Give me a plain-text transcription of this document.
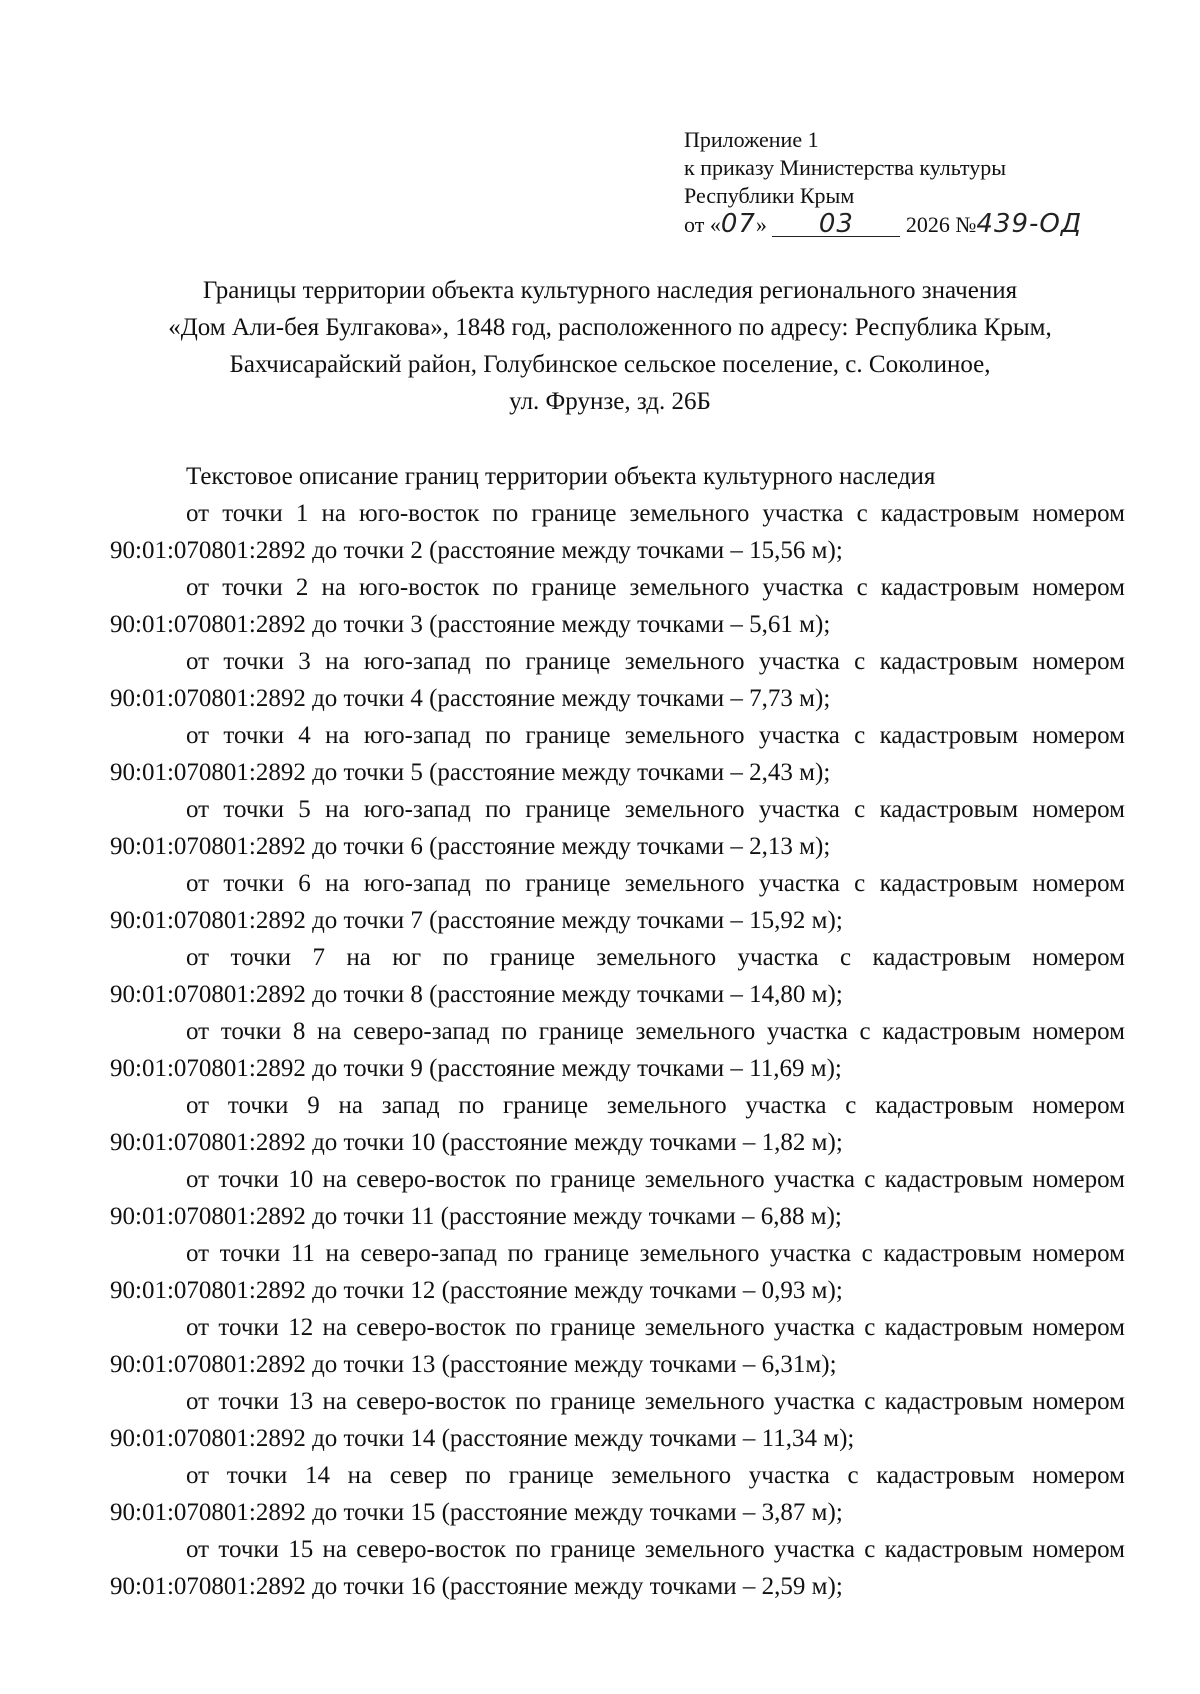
Приложение 1
к приказу Министерства культуры
Республики Крым
от «07» 03 2026 №439-ОД
Границы территории объекта культурного наследия регионального значения
«Дом Али-бея Булгакова», 1848 год, расположенного по адресу: Республика Крым,
Бахчисарайский район, Голубинское сельское поселение, с. Соколиное,
ул. Фрунзе, зд. 26Б
Текстовое описание границ территории объекта культурного наследия

от точки 1 на юго-восток по границе земельного участка с кадастровым номером 90:01:070801:2892 до точки 2 (расстояние между точками – 15,56 м);

от точки 2 на юго-восток по границе земельного участка с кадастровым номером 90:01:070801:2892 до точки 3 (расстояние между точками – 5,61 м);

от точки 3 на юго-запад по границе земельного участка с кадастровым номером 90:01:070801:2892 до точки 4 (расстояние между точками – 7,73 м);

от точки 4 на юго-запад по границе земельного участка с кадастровым номером 90:01:070801:2892 до точки 5 (расстояние между точками – 2,43 м);

от точки 5 на юго-запад по границе земельного участка с кадастровым номером 90:01:070801:2892 до точки 6 (расстояние между точками – 2,13 м);

от точки 6 на юго-запад по границе земельного участка с кадастровым номером 90:01:070801:2892 до точки 7 (расстояние между точками – 15,92 м);

от точки 7 на юг по границе земельного участка с кадастровым номером 90:01:070801:2892 до точки 8 (расстояние между точками – 14,80 м);

от точки 8 на северо-запад по границе земельного участка с кадастровым номером 90:01:070801:2892 до точки 9 (расстояние между точками – 11,69 м);

от точки 9 на запад по границе земельного участка с кадастровым номером 90:01:070801:2892 до точки 10 (расстояние между точками – 1,82 м);

от точки 10 на северо-восток по границе земельного участка с кадастровым номером 90:01:070801:2892 до точки 11 (расстояние между точками – 6,88 м);

от точки 11 на северо-запад по границе земельного участка с кадастровым номером 90:01:070801:2892 до точки 12 (расстояние между точками – 0,93 м);

от точки 12 на северо-восток по границе земельного участка с кадастровым номером 90:01:070801:2892 до точки 13 (расстояние между точками – 6,31м);

от точки 13 на северо-восток по границе земельного участка с кадастровым номером 90:01:070801:2892 до точки 14 (расстояние между точками – 11,34 м);

от точки 14 на север по границе земельного участка с кадастровым номером 90:01:070801:2892 до точки 15 (расстояние между точками – 3,87 м);

от точки 15 на северо-восток по границе земельного участка с кадастровым номером 90:01:070801:2892 до точки 16 (расстояние между точками – 2,59 м);
